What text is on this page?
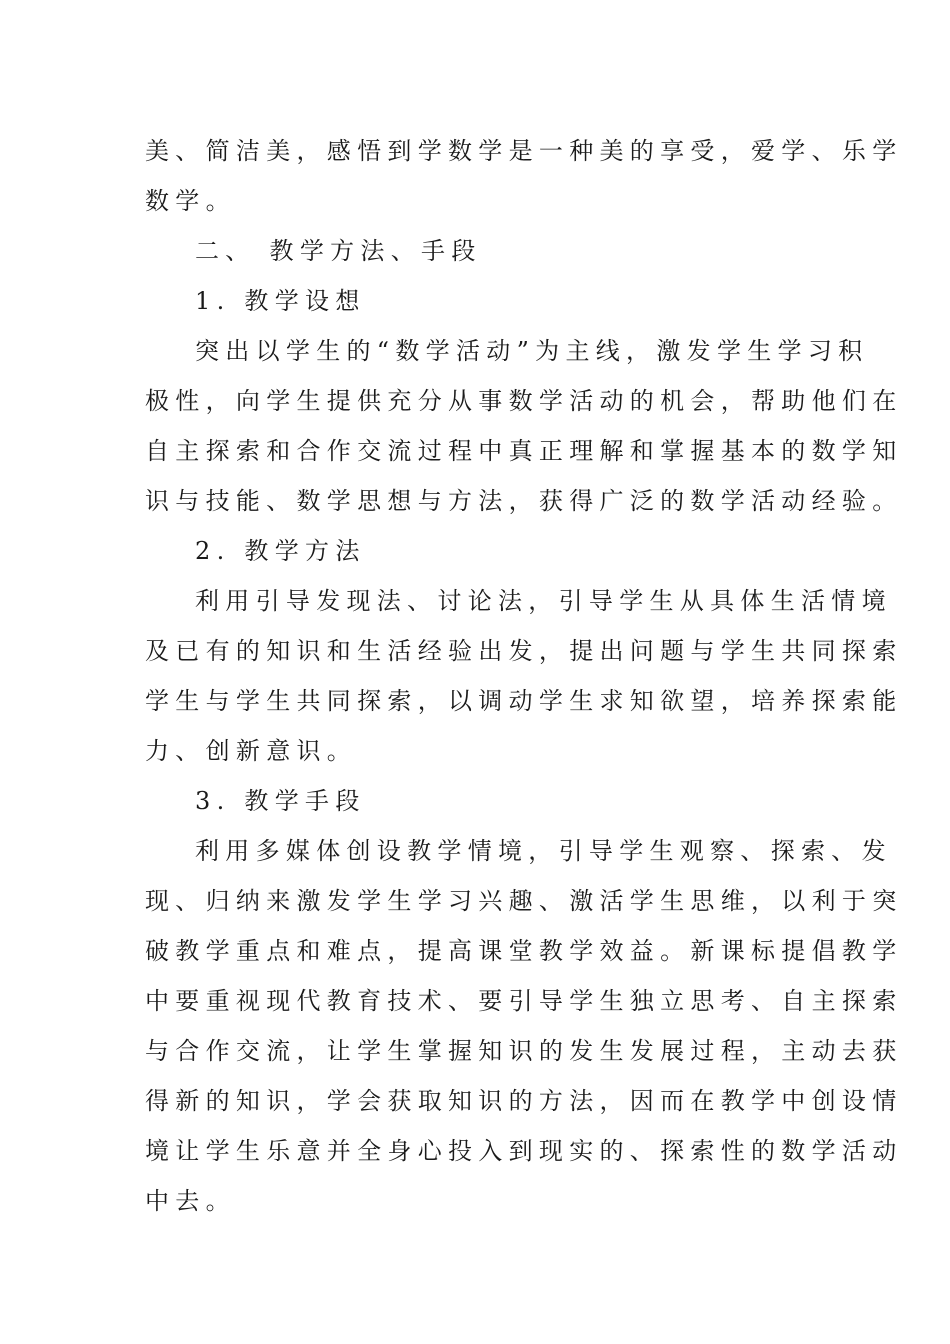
美、简洁美，感悟到学数学是一种美的享受，爱学、乐学
数学。
二、 教学方法、手段
1. 教学设想
突出以学生的“数学活动”为主线，激发学生学习积
极性，向学生提供充分从事数学活动的机会，帮助他们在
自主探索和合作交流过程中真正理解和掌握基本的数学知
识与技能、数学思想与方法，获得广泛的数学活动经验。
2. 教学方法
利用引导发现法、讨论法，引导学生从具体生活情境
及已有的知识和生活经验出发，提出问题与学生共同探索
学生与学生共同探索，以调动学生求知欲望，培养探索能
力、创新意识。
3. 教学手段
利用多媒体创设教学情境，引导学生观察、探索、发
现、归纳来激发学生学习兴趣、激活学生思维，以利于突
破教学重点和难点，提高课堂教学效益。新课标提倡教学
中要重视现代教育技术、要引导学生独立思考、自主探索
与合作交流，让学生掌握知识的发生发展过程，主动去获
得新的知识，学会获取知识的方法，因而在教学中创设情
境让学生乐意并全身心投入到现实的、探索性的数学活动
中去。
